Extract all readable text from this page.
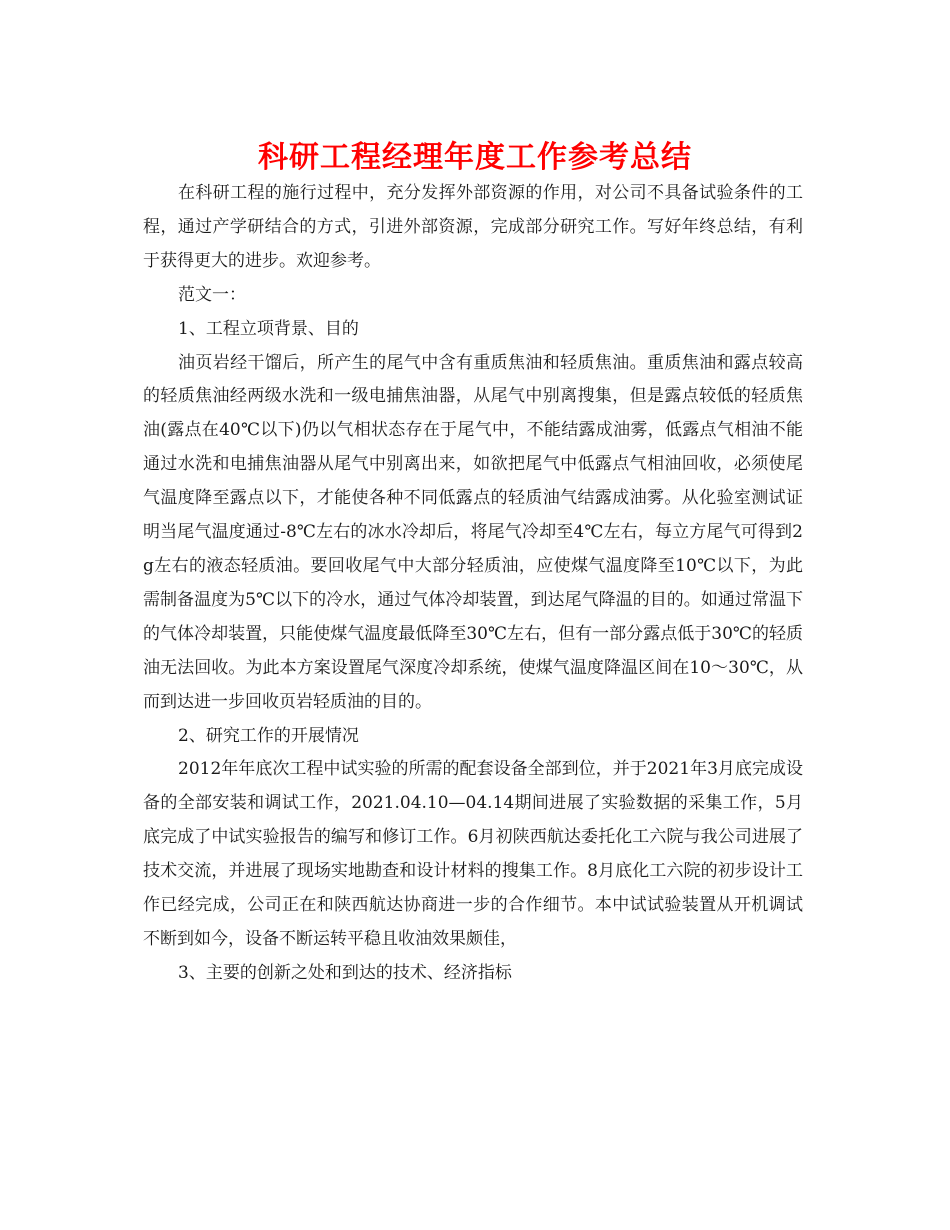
科研工程经理年度工作参考总结

在科研工程的施行过程中，充分发挥外部资源的作用，对公司不具备试验条件的工程，通过产学研结合的方式，引进外部资源，完成部分研究工作。写好年终总结，有利于获得更大的进步。欢迎参考。

范文一：

1、工程立项背景、目的

油页岩经干馏后，所产生的尾气中含有重质焦油和轻质焦油。重质焦油和露点较高的轻质焦油经两级水洗和一级电捕焦油器，从尾气中别离搜集，但是露点较低的轻质焦油(露点在40℃以下)仍以气相状态存在于尾气中，不能结露成油雾，低露点气相油不能通过水洗和电捕焦油器从尾气中别离出来，如欲把尾气中低露点气相油回收，必须使尾气温度降至露点以下，才能使各种不同低露点的轻质油气结露成油雾。从化验室测试证明当尾气温度通过-8℃左右的冰水冷却后，将尾气冷却至4℃左右，每立方尾气可得到2g左右的液态轻质油。要回收尾气中大部分轻质油，应使煤气温度降至10℃以下，为此需制备温度为5℃以下的冷水，通过气体冷却装置，到达尾气降温的目的。如通过常温下的气体冷却装置，只能使煤气温度最低降至30℃左右，但有一部分露点低于30℃的轻质油无法回收。为此本方案设置尾气深度冷却系统，使煤气温度降温区间在10～30℃，从而到达进一步回收页岩轻质油的目的。

2、研究工作的开展情况

2012年年底次工程中试实验的所需的配套设备全部到位，并于2021年3月底完成设备的全部安装和调试工作，2021.04.10—04.14期间进展了实验数据的采集工作，5月底完成了中试实验报告的编写和修订工作。6月初陕西航达委托化工六院与我公司进展了技术交流，并进展了现场实地勘查和设计材料的搜集工作。8月底化工六院的初步设计工作已经完成，公司正在和陕西航达协商进一步的合作细节。本中试试验装置从开机调试不断到如今，设备不断运转平稳且收油效果颇佳，

3、主要的创新之处和到达的技术、经济指标
